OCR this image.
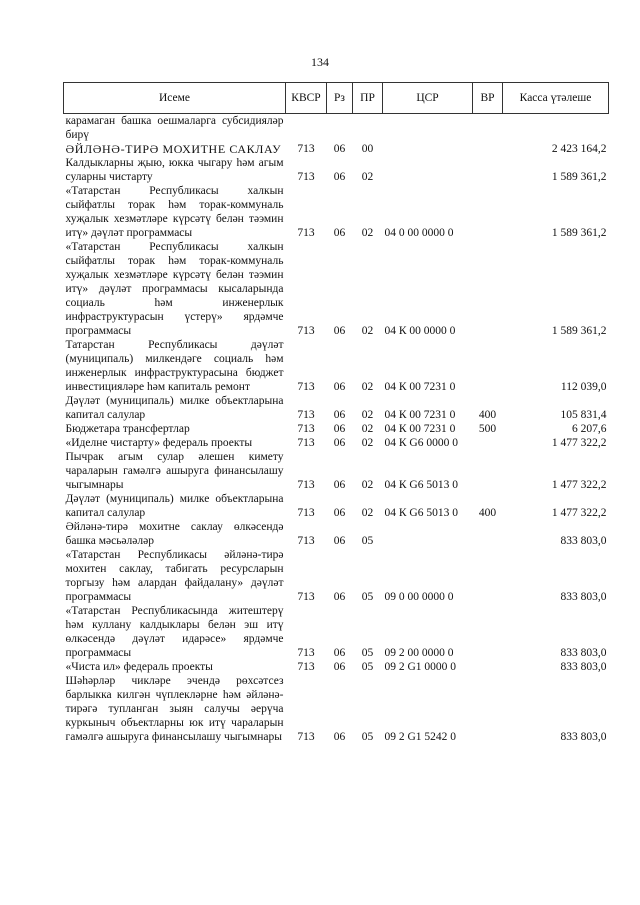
134
Исеме	КВСР	Рз	ПР	ЦСР	ВР	Касса үтәлеше
карамаган башка оешмаларга субсидияләр бирү						
ӘЙЛӘНӘ-ТИРӘ МОХИТНЕ САКЛАУ	713	06	00			2 423 164,2
Калдыкларны җыю, юкка чыгару һәм агым суларны чистарту	713	06	02			1 589 361,2
«Татарстан Республикасы халкын сыйфатлы торак һәм торак-коммуналь хуҗалык хезмәтләре күрсәтү белән тәэмин итү» дәүләт программасы	713	06	02	04 0 00 0000 0		1 589 361,2
«Татарстан Республикасы халкын сыйфатлы торак һәм торак-коммуналь хуҗалык хезмәтләре күрсәтү белән тәэмин итү» дәүләт программасы кысаларында социаль һәм инженерлык инфраструктурасын үстерү» ярдәмче программасы	713	06	02	04 К 00 0000 0		1 589 361,2
Татарстан Республикасы дәүләт (муниципаль) милкендәге социаль һәм инженерлык инфраструктурасына бюджет инвестицияләре һәм капиталь ремонт	713	06	02	04 К 00 7231 0		112 039,0
Дәүләт (муниципаль) милке объектларына капитал салулар	713	06	02	04 К 00 7231 0	400	105 831,4
Бюджетара трансфертлар	713	06	02	04 К 00 7231 0	500	6 207,6
«Иделне чистарту» федераль проекты	713	06	02	04 К G6 0000 0		1 477 322,2
Пычрак агым сулар әлешен кимету чараларын гамәлгә ашыруга финансылашу чыгымнары	713	06	02	04 К G6 5013 0		1 477 322,2
Дәүләт (муниципаль) милке объектларына капитал салулар	713	06	02	04 К G6 5013 0	400	1 477 322,2
Әйләнә-тирә мохитне саклау өлкәсендә башка мәсьәләләр	713	06	05			833 803,0
«Татарстан Республикасы әйләнә-тирә мохитен саклау, табигать ресурсларын торгызу һәм алардан файдалану» дәүләт программасы	713	06	05	09 0 00 0000 0		833 803,0
«Татарстан Республикасында житештерү һәм куллану калдыклары белән эш итү өлкәсендә дәүләт идарәсе» ярдәмче программасы	713	06	05	09 2 00 0000 0		833 803,0
«Чиста ил» федераль проекты	713	06	05	09 2 G1 0000 0		833 803,0
Шәһәрләр чикләре эчендә рөхсәтсез барлыкка килгән чүплекләрне һәм әйләнә-тирәгә тупланган зыян салучы әерүча куркыныч объектларны юк итү чараларын гамәлгә ашыруга финансылашу чыгымнары	713	06	05	09 2 G1 5242 0		833 803,0
